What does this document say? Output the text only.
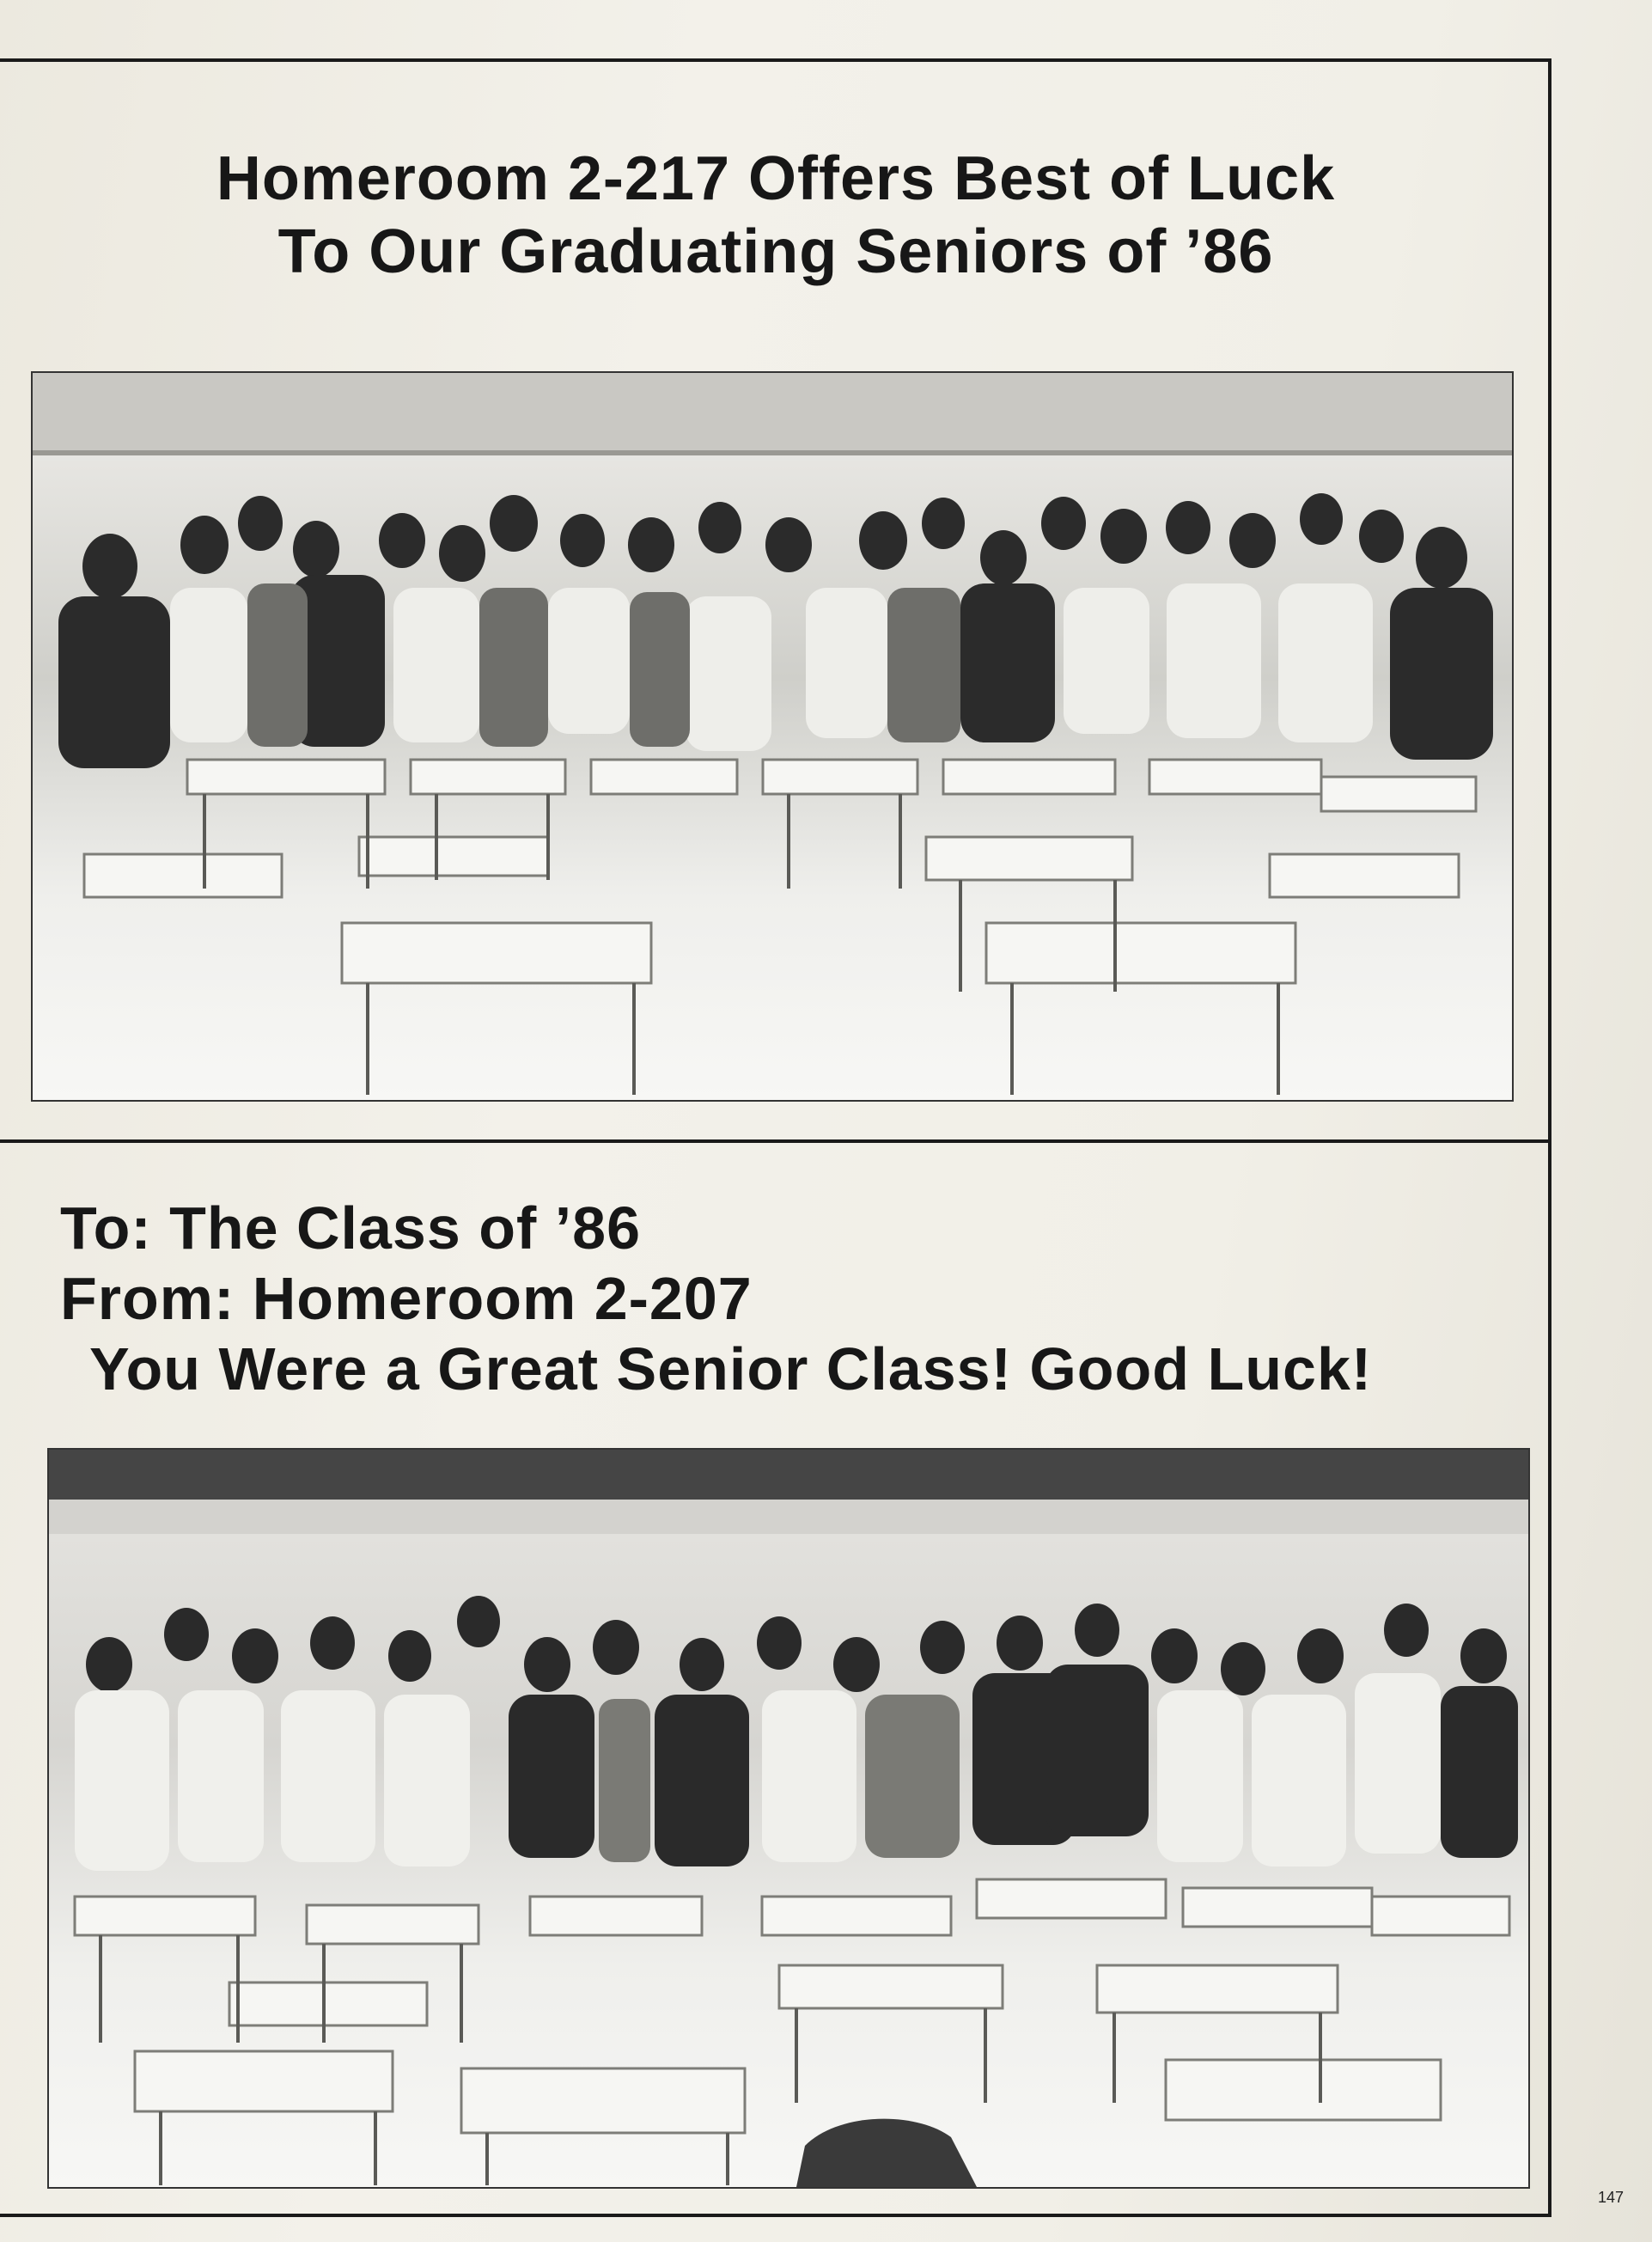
Homeroom 2-217 Offers Best of Luck
To Our Graduating Seniors of ’86
To: The Class of ’86
From: Homeroom 2-207
You Were a Great Senior Class! Good Luck!
147
